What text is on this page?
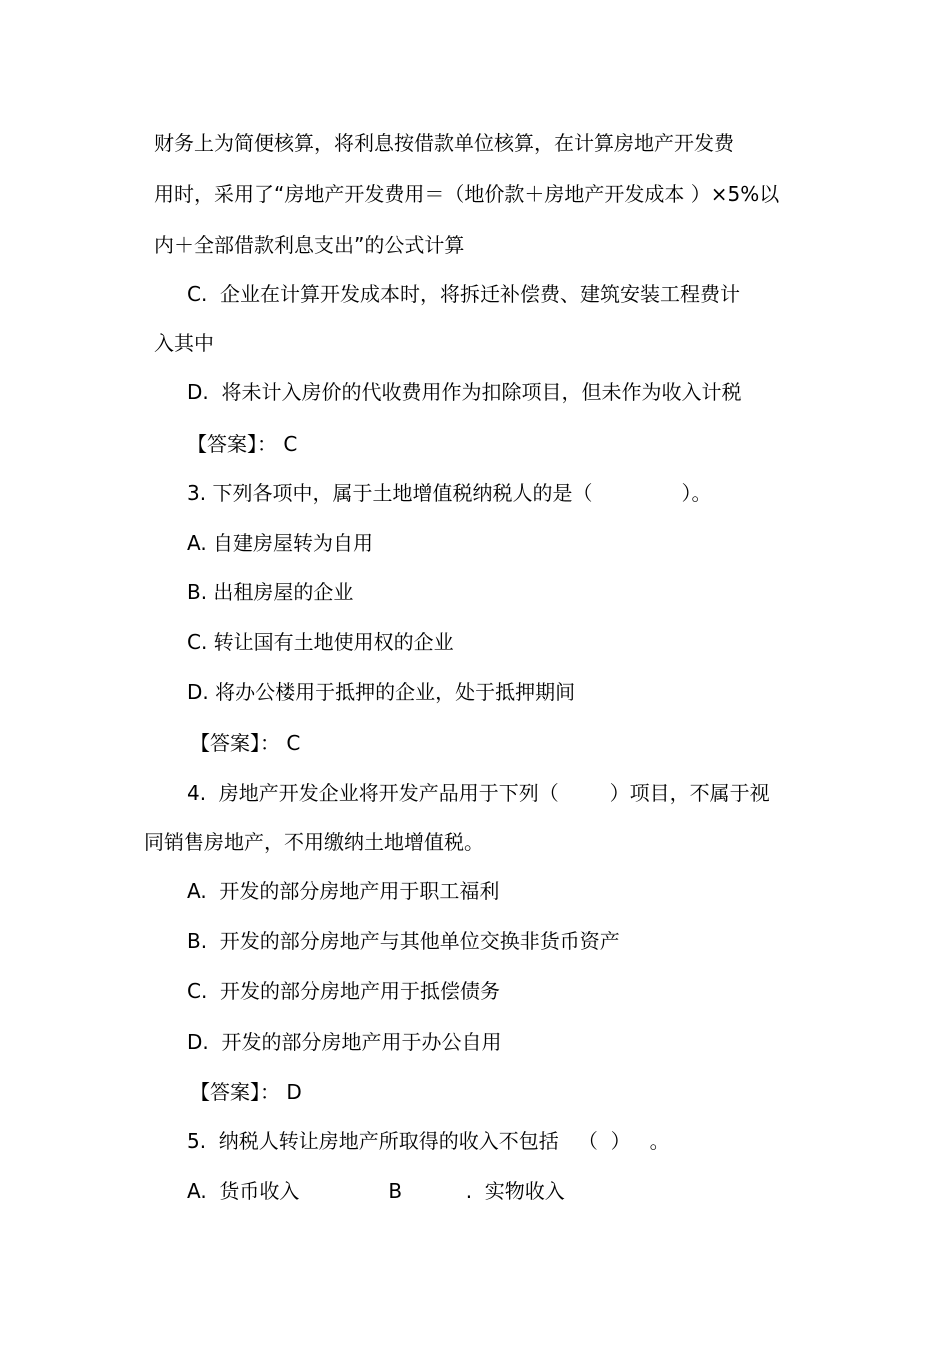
财务上为简便核算，将利息按借款单位核算，在计算房地产开发费
用时，采用了“房地产开发费用＝（地价款＋房地产开发成本 ）×5%以
内＋全部借款利息支出”的公式计算
C.  企业在计算开发成本时，将拆迁补偿费、建筑安装工程费计
入其中
D.  将未计入房价的代收费用作为扣除项目，但未作为收入计税
【答案】： C
3. 下列各项中，属于土地增值税纳税人的是（              ）。
A. 自建房屋转为自用
B. 出租房屋的企业
C. 转让国有土地使用权的企业
D. 将办公楼用于抵押的企业，处于抵押期间
【答案】： C
4.  房地产开发企业将开发产品用于下列（        ）项目，不属于视
同销售房地产，不用缴纳土地增值税。
A.  开发的部分房地产用于职工福利
B.  开发的部分房地产与其他单位交换非货币资产
C.  开发的部分房地产用于抵偿债务
D.  开发的部分房地产用于办公自用
【答案】： D
5.  纳税人转让房地产所取得的收入不包括   （  ）   。
A.  货币收入              B          .  实物收入
